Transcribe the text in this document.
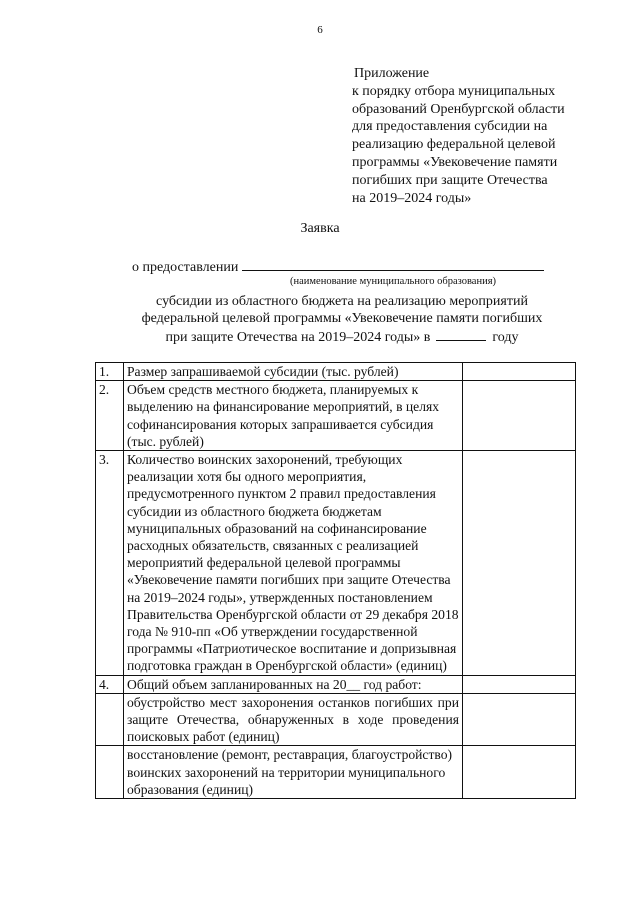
6
Приложение
к порядку отбора муниципальных
образований Оренбургской области
для предоставления субсидии на
реализацию федеральной целевой
программы «Увековечение памяти
погибших при защите Отечества
на 2019–2024 годы»
Заявка
о предоставлении
(наименование муниципального образования)
субсидии из областного бюджета на реализацию мероприятий
федеральной целевой программы «Увековечение памяти погибших
при защите Отечества на 2019–2024 годы» в	году
1.	Размер запрашиваемой субсидии (тыс. рублей)	
2.	Объем средств местного бюджета, планируемых к выделению на финансирование мероприятий, в целях софинансирования которых запрашивается субсидия (тыс. рублей)	
3.	Количество воинских захоронений, требующих реализации хотя бы одного мероприятия, предусмотренного пунктом 2 правил предоставления субсидии из областного бюджета бюджетам муниципальных образований на софинансирование расходных обязательств, связанных с реализацией мероприятий федеральной целевой программы «Увековечение памяти погибших при защите Отечества на 2019–2024 годы», утвержденных постановлением Правительства Оренбургской области от 29 декабря 2018 года № 910-пп «Об утверждении государственной программы «Патриотическое воспитание и допризывная подготовка граждан в Оренбургской области» (единиц)	
4.	Общий объем запланированных на 20__ год работ:	
	обустройство мест захоронения останков погибших при защите Отечества, обнаруженных в ходе проведения поисковых работ (единиц)	
	восстановление (ремонт, реставрация, благоустройство) воинских захоронений на территории муниципального образования (единиц)	
